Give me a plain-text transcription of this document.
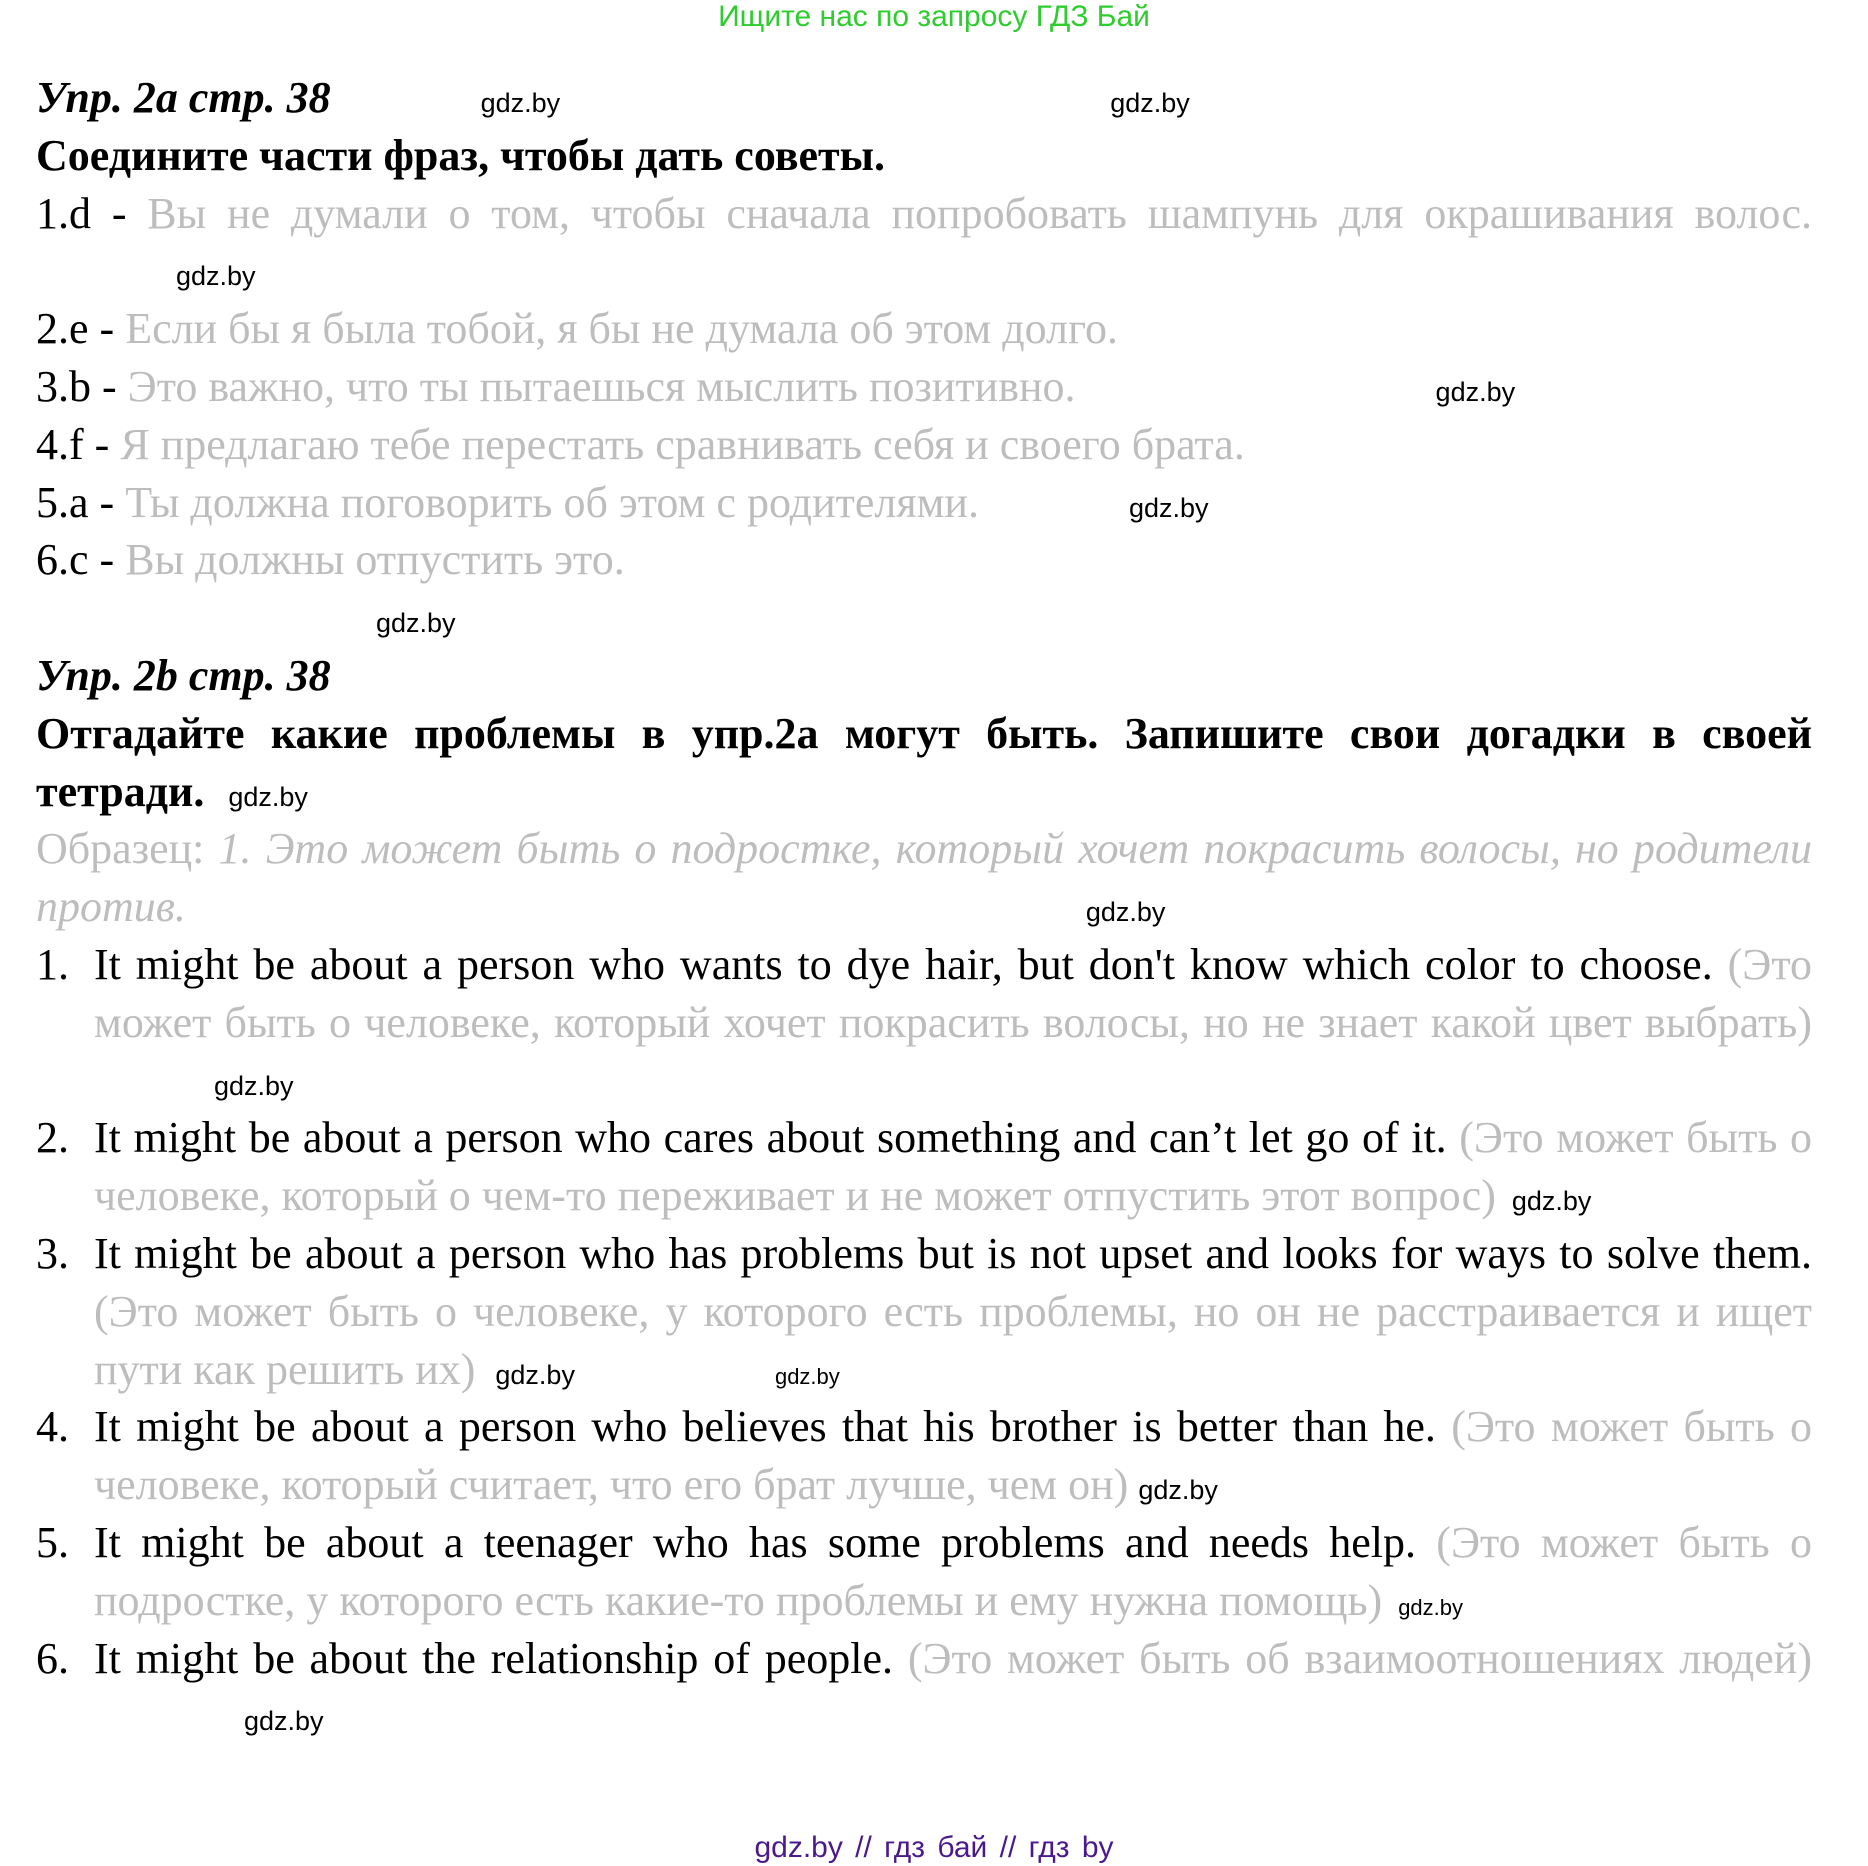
Ищите нас по запросу ГДЗ Бай
Упр. 2а стр. 38	gdz.by	gdz.by
Соедините части фраз, чтобы дать советы.
1.d - Вы не думали о том, чтобы сначала попробовать шампунь для окрашивания волос.gdz.by
2.e - Если бы я была тобой, я бы не думала об этом долго.
3.b - Это важно, что ты пытаешься мыслить позитивно.	gdz.by
4.f - Я предлагаю тебе перестать сравнивать себя и своего брата.
5.a - Ты должна поговорить об этом с родителями.	gdz.by
6.c - Вы должны отпустить это.
gdz.by
Упр. 2b стр. 38
Отгадайте какие проблемы в упр.2а могут быть. Запишите свои догадки в своей тетради. gdz.by
Образец: 1. Это может быть о подростке, который хочет покрасить волосы, но родители против.	gdz.by
1. It might be about a person who wants to dye hair, but don't know which color to choose. (Это может быть о человеке, который хочет покрасить волосы, но не знает какой цвет выбрать)gdz.by
2. It might be about a person who cares about something and can’t let go of it. (Это может быть о человеке, который о чем-то переживает и не может отпустить этот вопрос) gdz.by
3. It might be about a person who has problems but is not upset and looks for ways to solve them. (Это может быть о человеке, у которого есть проблемы, но он не расстраивается и ищет пути как решить их) gdz.by	gdz.by
4. It might be about a person who believes that his brother is better than he. (Это может быть о человеке, который считает, что его брат лучше, чем он) gdz.by
5. It might be about a teenager who has some problems and needs help. (Это может быть о подростке, у которого есть какие-то проблемы и ему нужна помощь) gdz.by
6. It might be about the relationship of people. (Это может быть об взаимоотношениях людей)gdz.by
gdz.by // гдз бай // гдз by
